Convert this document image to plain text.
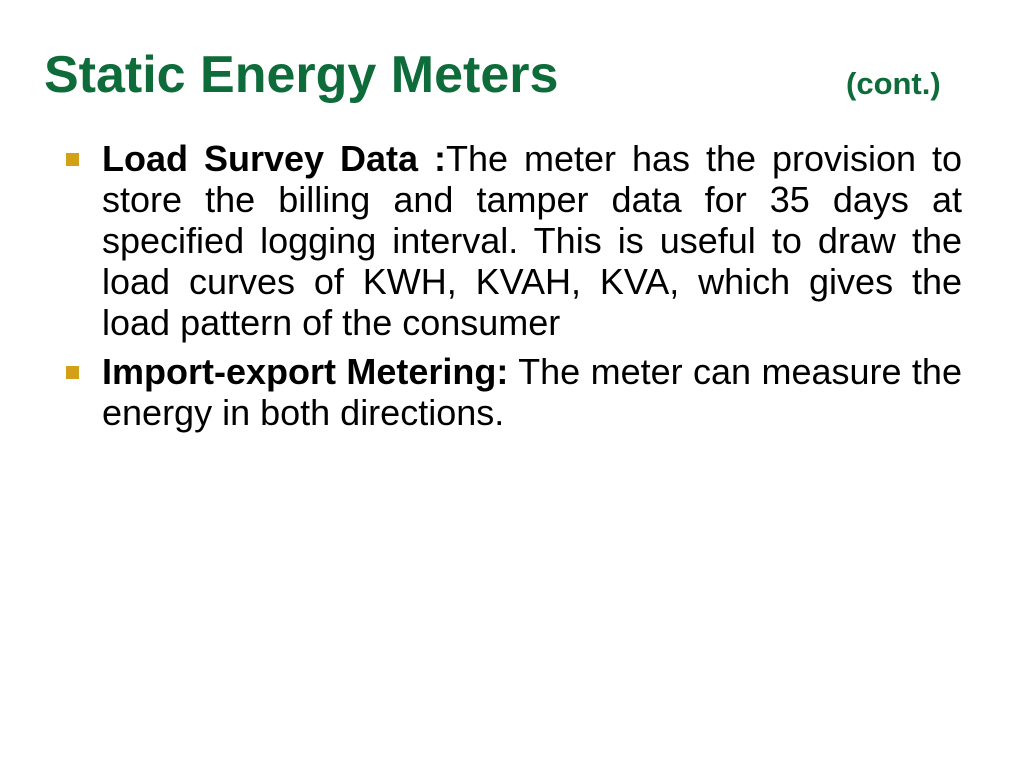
Static Energy Meters	(cont.)
Load Survey Data :The meter has the provision to store the billing and tamper data for 35 days at specified logging interval. This is useful to draw the load curves of KWH, KVAH, KVA, which gives the load pattern of the consumer
Import-export Metering: The meter can measure the energy in both directions.
